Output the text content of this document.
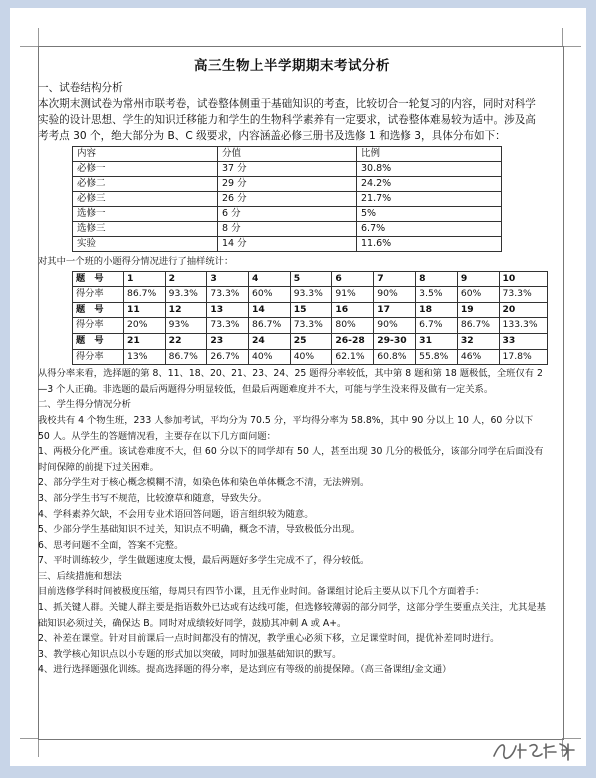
高三生物上半学期期末考试分析

一、试卷结构分析

本次期末测试卷为常州市联考卷，试卷整体侧重于基础知识的考查，比较切合一轮复习的内容，同时对科学实验的设计思想、学生的知识迁移能力和学生的生物科学素养有一定要求，试卷整体难易较为适中。涉及高考考点 30 个，绝大部分为 B、C 级要求，内容涵盖必修三册书及选修 1 和选修 3，具体分布如下：

内容	分值	比例
必修一	37 分	30.8%
必修二	29 分	24.2%
必修三	26 分	21.7%
选修一	6 分	5%
选修三	8 分	6.7%
实验	14 分	11.6%

对其中一个班的小题得分情况进行了抽样统计：

题　号	1	2	3	4	5	6	7	8	9	10
得分率	86.7%	93.3%	73.3%	60%	93.3%	91%	90%	3.5%	60%	73.3%
题　号	11	12	13	14	15	16	17	18	19	20
得分率	20%	93%	73.3%	86.7%	73.3%	80%	90%	6.7%	86.7%	133.3%
题　号	21	22	23	24	25	26-28	29-30	31	32	33
得分率	13%	86.7%	26.7%	40%	40%	62.1%	60.8%	55.8%	46%	17.8%

从得分率来看，选择题的第 8、11、18、20、21、23、24、25 题得分率较低，其中第 8 题和第 18 题极低，全班仅有 2—3 个人正确。非选题的最后两题得分明显较低，但最后两题难度并不大，可能与学生没来得及做有一定关系。

二、学生得分情况分析

我校共有 4 个物生班，233 人参加考试，平均分为 70.5 分，平均得分率为 58.8%，其中 90 分以上 10 人，60 分以下 50 人。从学生的答题情况看，主要存在以下几方面问题：

1、两极分化严重。该试卷难度不大，但 60 分以下的同学却有 50 人，甚至出现 30 几分的极低分，该部分同学在后面没有时间保障的前提下过关困难。

2、部分学生对于核心概念模糊不清，如染色体和染色单体概念不清，无法辨别。

3、部分学生书写不规范，比较潦草和随意，导致失分。

4、学科素养欠缺，不会用专业术语回答问题，语言组织较为随意。

5、少部分学生基础知识不过关，知识点不明确，概念不清，导致极低分出现。

6、思考问题不全面，答案不完整。

7、平时训练较少，学生做题速度太慢，最后两题好多学生完成不了，得分较低。

三、后续措施和想法

目前选修学科时间被极度压缩，每周只有四节小课，且无作业时间。备课组讨论后主要从以下几个方面着手：

1、抓关键人群。关键人群主要是指语数外已达或有达线可能，但选修较薄弱的部分同学，这部分学生要重点关注，尤其是基础知识必须过关，确保达 B。同时对成绩较好同学，鼓励其冲刺 A 或 A+。

2、补差在课堂。针对目前课后一点时间都没有的情况，教学重心必须下移，立足课堂时间，提优补差同时进行。

3、教学核心知识点以小专题的形式加以突破，同时加强基础知识的默写。

4、进行选择题强化训练。提高选择题的得分率，是达到应有等级的前提保障。（高三备课组/金文通）
